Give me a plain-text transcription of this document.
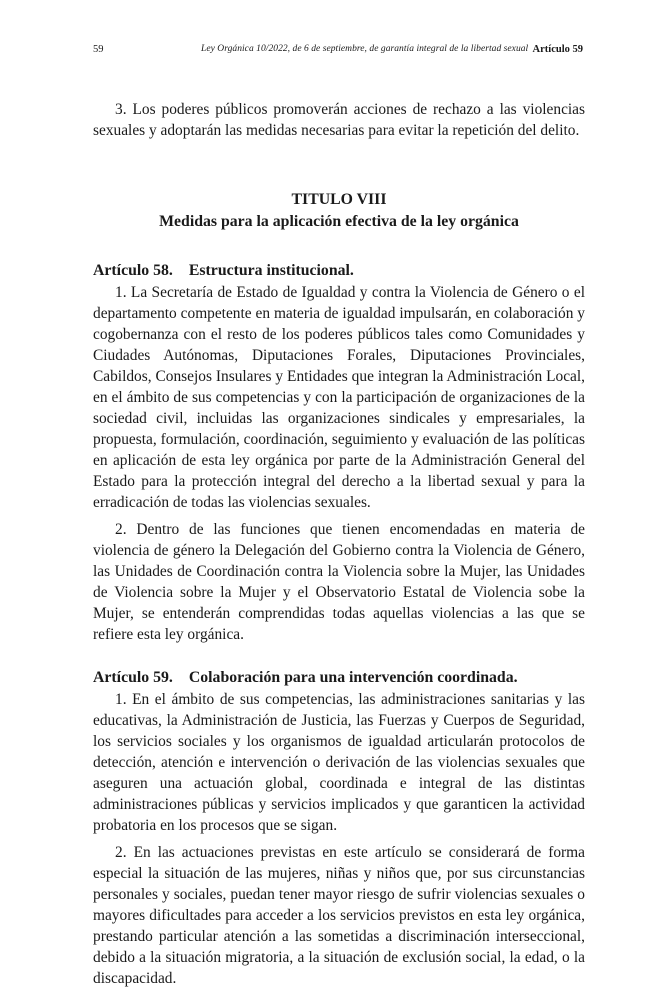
59	Ley Orgánica 10/2022, de 6 de septiembre, de garantía integral de la libertad sexual Artículo 59

3. Los poderes públicos promoverán acciones de rechazo a las violencias sexuales y adoptarán las medidas necesarias para evitar la repetición del delito.

TITULO VIII
Medidas para la aplicación efectiva de la ley orgánica
Artículo 58. Estructura institucional.

1. La Secretaría de Estado de Igualdad y contra la Violencia de Género o el departamento competente en materia de igualdad impulsarán, en colaboración y cogobernanza con el resto de los poderes públicos tales como Comunidades y Ciudades Autónomas, Diputaciones Forales, Diputaciones Provinciales, Cabildos, Consejos Insulares y Entidades que integran la Administración Local, en el ámbito de sus competencias y con la participación de organizaciones de la sociedad civil, incluidas las organizaciones sindicales y empresariales, la propuesta, formulación, coordinación, seguimiento y evaluación de las políticas en aplicación de esta ley orgánica por parte de la Administración General del Estado para la protección integral del derecho a la libertad sexual y para la erradicación de todas las violencias sexuales.

2. Dentro de las funciones que tienen encomendadas en materia de violencia de género la Delegación del Gobierno contra la Violencia de Género, las Unidades de Coordinación contra la Violencia sobre la Mujer, las Unidades de Violencia sobre la Mujer y el Observatorio Estatal de Violencia sobe la Mujer, se entenderán comprendidas todas aquellas violencias a las que se refiere esta ley orgánica.

Artículo 59. Colaboración para una intervención coordinada.

1. En el ámbito de sus competencias, las administraciones sanitarias y las educativas, la Administración de Justicia, las Fuerzas y Cuerpos de Seguridad, los servicios sociales y los organismos de igualdad articularán protocolos de detección, atención e intervención o derivación de las violencias sexuales que aseguren una actuación global, coordinada e integral de las distintas administraciones públicas y servicios implicados y que garanticen la actividad probatoria en los procesos que se sigan.

2. En las actuaciones previstas en este artículo se considerará de forma especial la situación de las mujeres, niñas y niños que, por sus circunstancias personales y sociales, puedan tener mayor riesgo de sufrir violencias sexuales o mayores dificultades para acceder a los servicios previstos en esta ley orgánica, prestando particular atención a las sometidas a discriminación interseccional, debido a la situación migratoria, a la situación de exclusión social, la edad, o la discapacidad.
